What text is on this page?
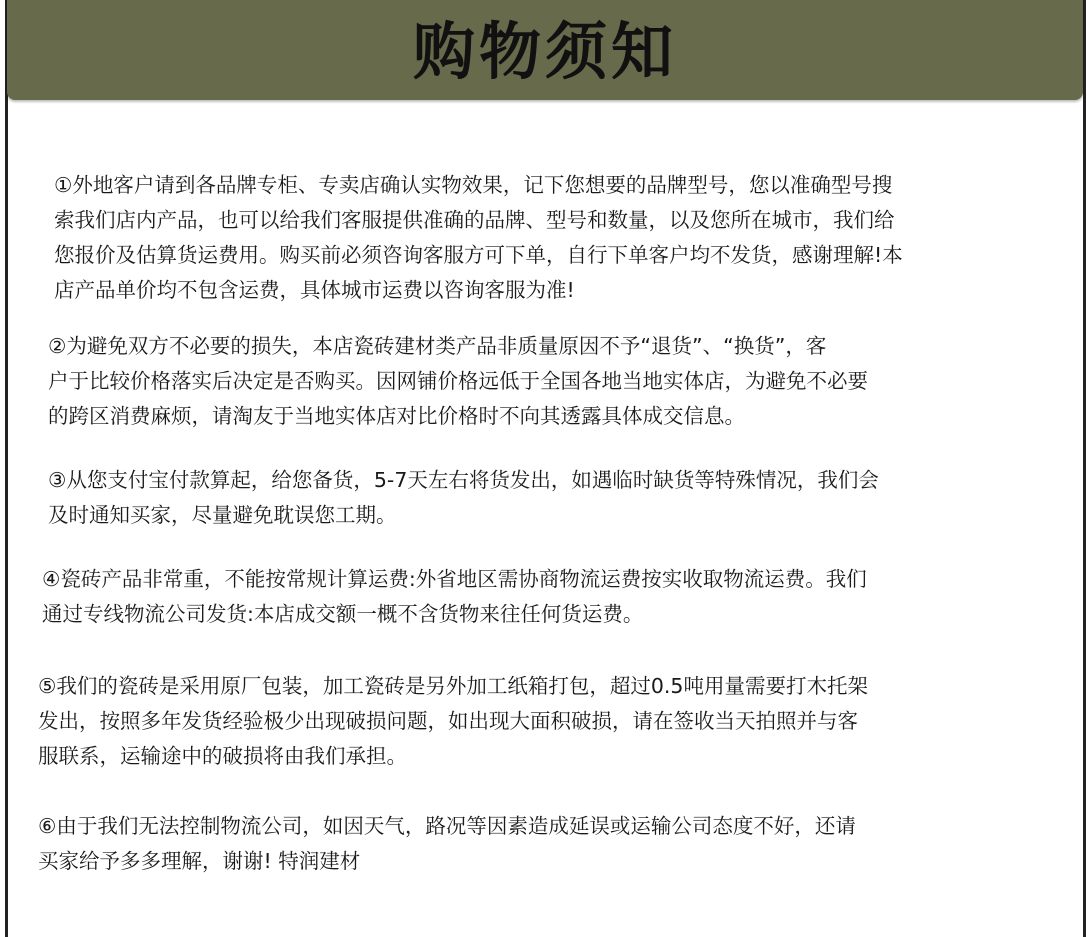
购物须知
①外地客户请到各品牌专柜、专卖店确认实物效果，记下您想要的品牌型号，您以准确型号搜
索我们店内产品，也可以给我们客服提供准确的品牌、型号和数量，以及您所在城市，我们给
您报价及估算货运费用。购买前必须咨询客服方可下单，自行下单客户均不发货，感谢理解!本
店产品单价均不包含运费，具体城市运费以咨询客服为准!
②为避免双方不必要的损失，本店瓷砖建材类产品非质量原因不予“退货”、“换货”，客
户于比较价格落实后决定是否购买。因网铺价格远低于全国各地当地实体店，为避免不必要
的跨区消费麻烦，请淘友于当地实体店对比价格时不向其透露具体成交信息。
③从您支付宝付款算起，给您备货，5-7天左右将货发出，如遇临时缺货等特殊情况，我们会
及时通知买家，尽量避免耽误您工期。
④瓷砖产品非常重，不能按常规计算运费:外省地区需协商物流运费按实收取物流运费。我们
通过专线物流公司发货:本店成交额一概不含货物来往任何货运费。
⑤我们的瓷砖是采用原厂包装，加工瓷砖是另外加工纸箱打包，超过0.5吨用量需要打木托架
发出，按照多年发货经验极少出现破损问题，如出现大面积破损，请在签收当天拍照并与客
服联系，运输途中的破损将由我们承担。
⑥由于我们无法控制物流公司，如因天气，路况等因素造成延误或运输公司态度不好，还请
买家给予多多理解，谢谢! 特润建材
